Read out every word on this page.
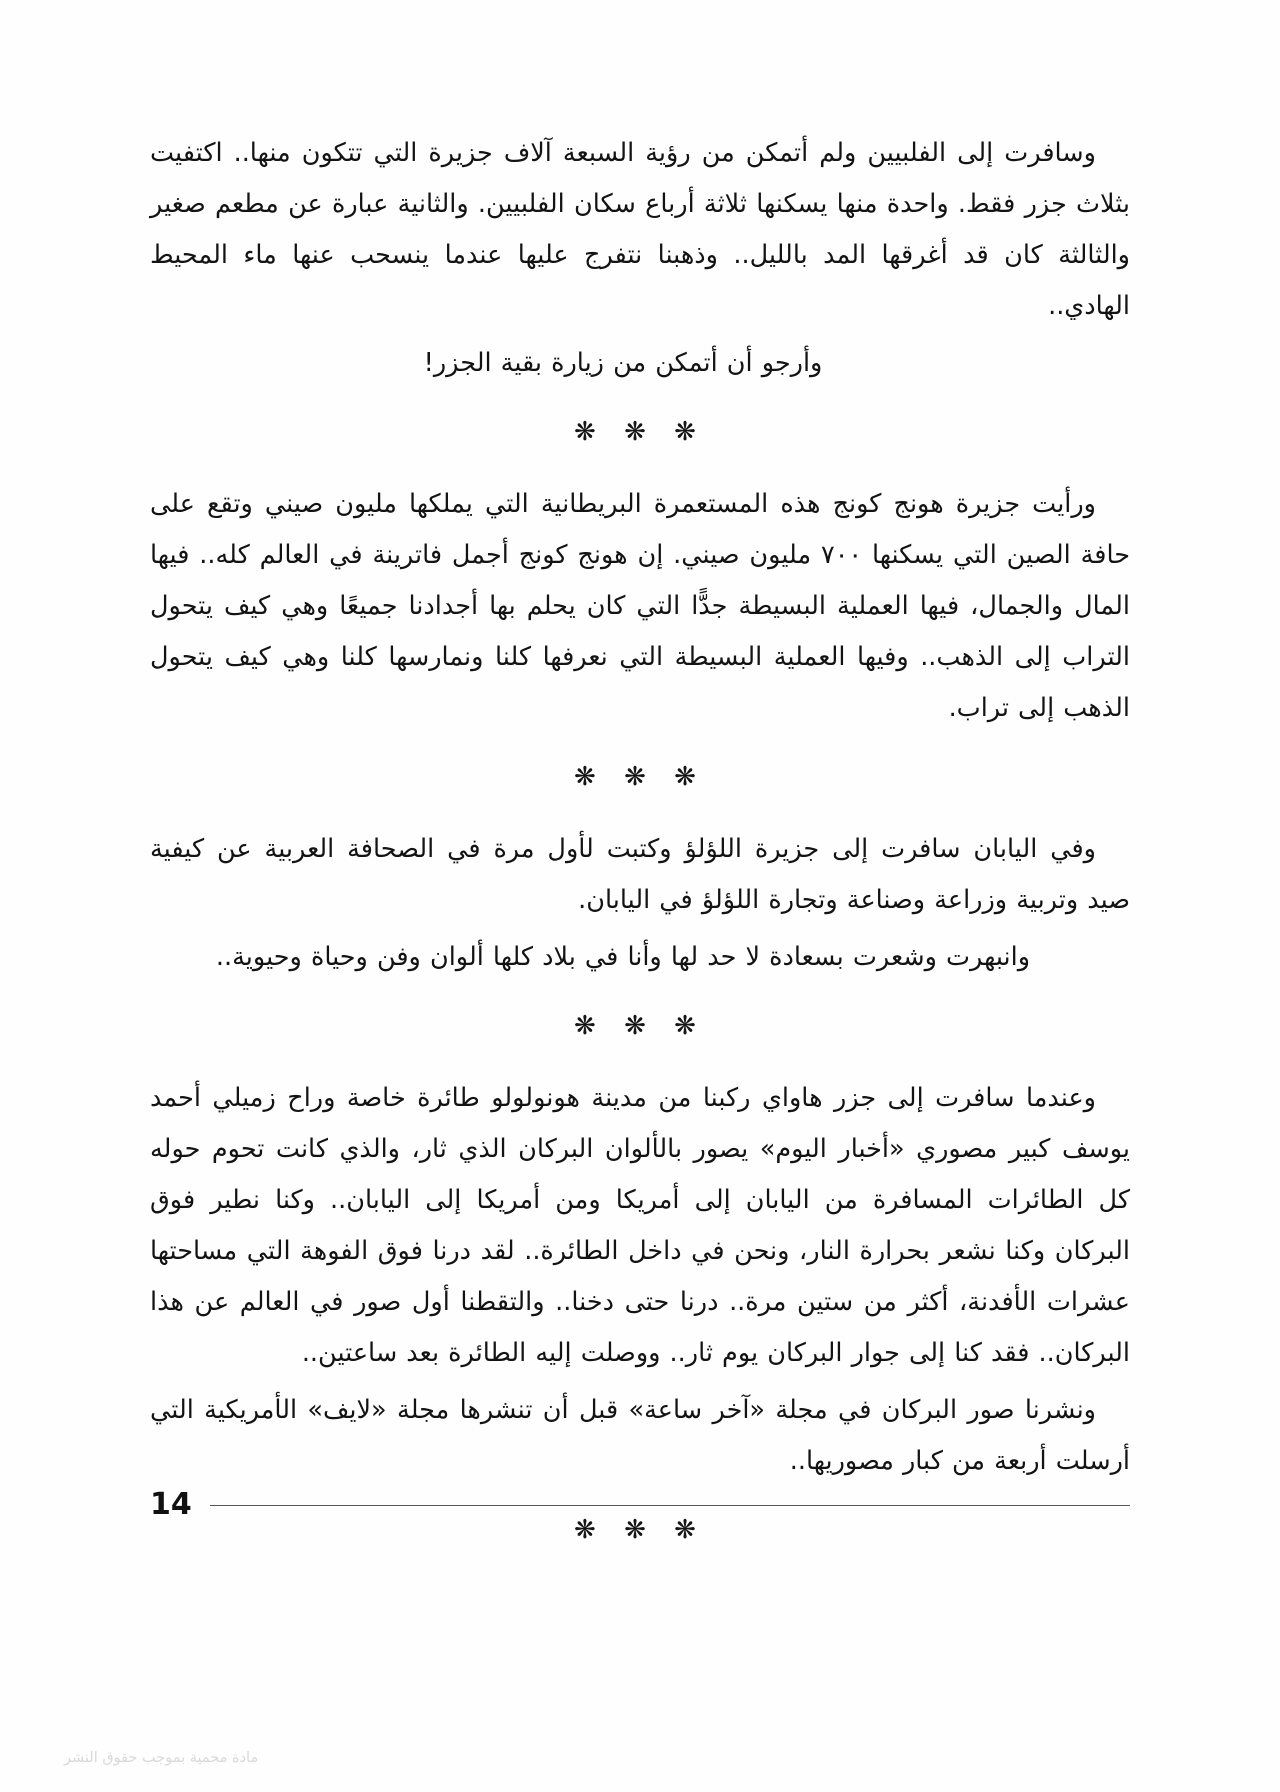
وسافرت إلى الفلبيين ولم أتمكن من رؤية السبعة آلاف جزيرة التي تتكون منها.. اكتفيت بثلاث جزر فقط. واحدة منها يسكنها ثلاثة أرباع سكان الفلبيين. والثانية عبارة عن مطعم صغير والثالثة كان قد أغرقها المد بالليل.. وذهبنا نتفرج عليها عندما ينسحب عنها ماء المحيط الهادي..

وأرجو أن أتمكن من زيارة بقية الجزر!

❋ ❋ ❋

ورأيت جزيرة هونج كونج هذه المستعمرة البريطانية التي يملكها مليون صيني وتقع على حافة الصين التي يسكنها ٧٠٠ مليون صيني. إن هونج كونج أجمل فاترينة في العالم كله.. فيها المال والجمال، فيها العملية البسيطة جدًّا التي كان يحلم بها أجدادنا جميعًا وهي كيف يتحول التراب إلى الذهب.. وفيها العملية البسيطة التي نعرفها كلنا ونمارسها كلنا وهي كيف يتحول الذهب إلى تراب.

❋ ❋ ❋

وفي اليابان سافرت إلى جزيرة اللؤلؤ وكتبت لأول مرة في الصحافة العربية عن كيفية صيد وتربية وزراعة وصناعة وتجارة اللؤلؤ في اليابان.

وانبهرت وشعرت بسعادة لا حد لها وأنا في بلاد كلها ألوان وفن وحياة وحيوية..

❋ ❋ ❋

وعندما سافرت إلى جزر هاواي ركبنا من مدينة هونولولو طائرة خاصة وراح زميلي أحمد يوسف كبير مصوري «أخبار اليوم» يصور بالألوان البركان الذي ثار، والذي كانت تحوم حوله كل الطائرات المسافرة من اليابان إلى أمريكا ومن أمريكا إلى اليابان.. وكنا نطير فوق البركان وكنا نشعر بحرارة النار، ونحن في داخل الطائرة.. لقد درنا فوق الفوهة التي مساحتها عشرات الأفدنة، أكثر من ستين مرة.. درنا حتى دخنا.. والتقطنا أول صور في العالم عن هذا البركان.. فقد كنا إلى جوار البركان يوم ثار.. ووصلت إليه الطائرة بعد ساعتين..

ونشرنا صور البركان في مجلة «آخر ساعة» قبل أن تنشرها مجلة «لايف» الأمريكية التي أرسلت أربعة من كبار مصوريها..

❋ ❋ ❋
14
مادة محمية بموجب حقوق النشر
